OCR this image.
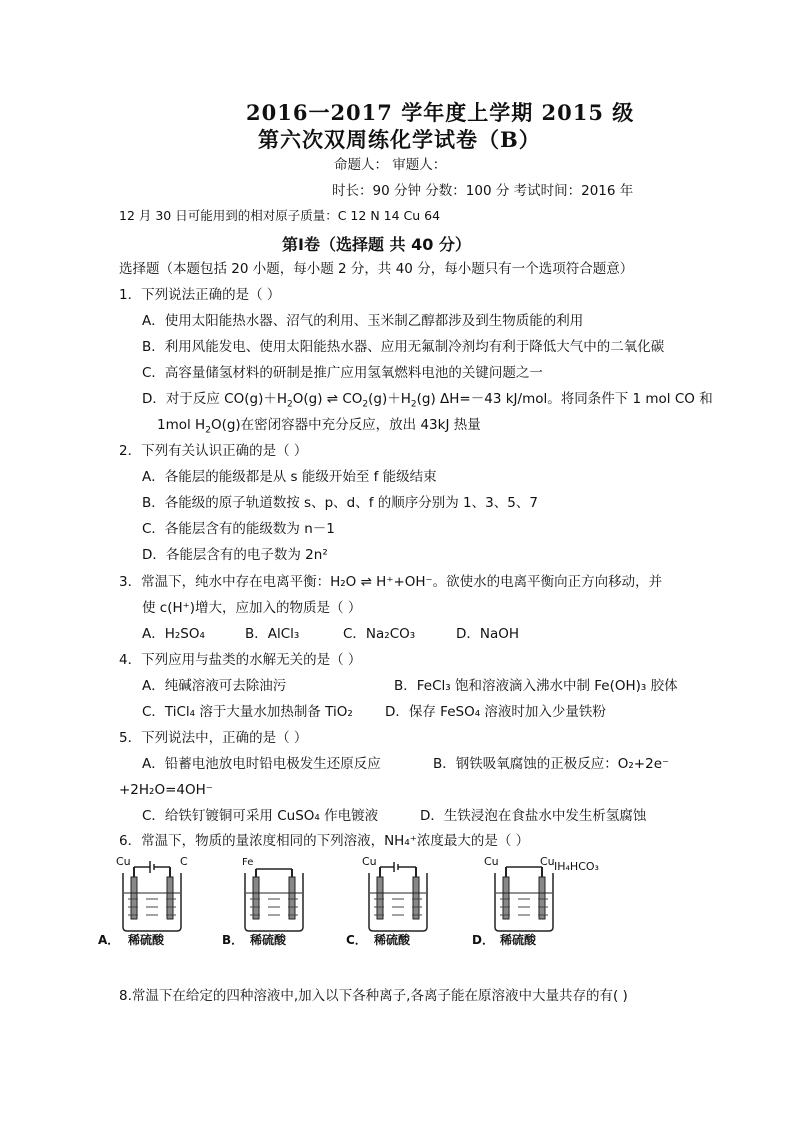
2016一2017 学年度上学期 2015 级
第六次双周练化学试卷（B）
命题人： 审题人：
时长：90 分钟 分数：100 分 考试时间：2016 年
12 月 30 日可能用到的相对原子质量：C 12 N 14 Cu 64
第Ⅰ卷（选择题 共 40 分）
选择题（本题包括 20 小题，每小题 2 分，共 40 分，每小题只有一个选项符合题意）
1．下列说法正确的是（ ）
A．使用太阳能热水器、沼气的利用、玉米制乙醇都涉及到生物质能的利用
B．利用风能发电、使用太阳能热水器、应用无氟制冷剂均有利于降低大气中的二氧化碳
C．高容量储氢材料的研制是推广应用氢氧燃料电池的关键问题之一
D．对于反应 $CO(g)+H_2O(g)$ ⇌ $CO_2(g)+H_2(g)$ ΔH=－43 kJ/mol。将同条件下 1 mol CO 和
1mol $H_2O(g)$在密闭容器中充分反应，放出 43kJ 热量
2．下列有关认识正确的是（ ）
A．各能层的能级都是从 s 能级开始至 f 能级结束
B．各能级的原子轨道数按 s、p、d、f 的顺序分别为 1、3、5、7
C．各能层含有的能级数为 n－1
D．各能层含有的电子数为 2n²
3．常温下，纯水中存在电离平衡：H₂O ⇌ H⁺+OH⁻。欲使水的电离平衡向正方向移动，并
使 c(H⁺)增大，应加入的物质是（ ）
A．H₂SO₄	B．AlCl₃	C．Na₂CO₃	D．NaOH
4．下列应用与盐类的水解无关的是（ ）
A．纯碱溶液可去除油污	B．FeCl₃ 饱和溶液滴入沸水中制 Fe(OH)₃ 胶体
C．TiCl₄ 溶于大量水加热制备 TiO₂ D．保存 FeSO₄ 溶液时加入少量铁粉
5．下列说法中，正确的是（ ）
A．铅蓄电池放电时铅电极发生还原反应	B．钢铁吸氧腐蚀的正极反应：O₂+2e⁻
+2H₂O=4OH⁻
C．给铁钉镀铜可采用 CuSO₄ 作电镀液	D．生铁浸泡在食盐水中发生析氢腐蚀
6．常温下，物质的量浓度相同的下列溶液，NH₄⁺浓度最大的是（ ）
Cu	C
A． 稀硫酸
Fe
B． 稀硫酸
Cu
C． 稀硫酸
Cu	Cu IH₄HCO₃
D． 稀硫酸
8.常温下在给定的四种溶液中,加入以下各种离子,各离子能在原溶液中大量共存的有( )
